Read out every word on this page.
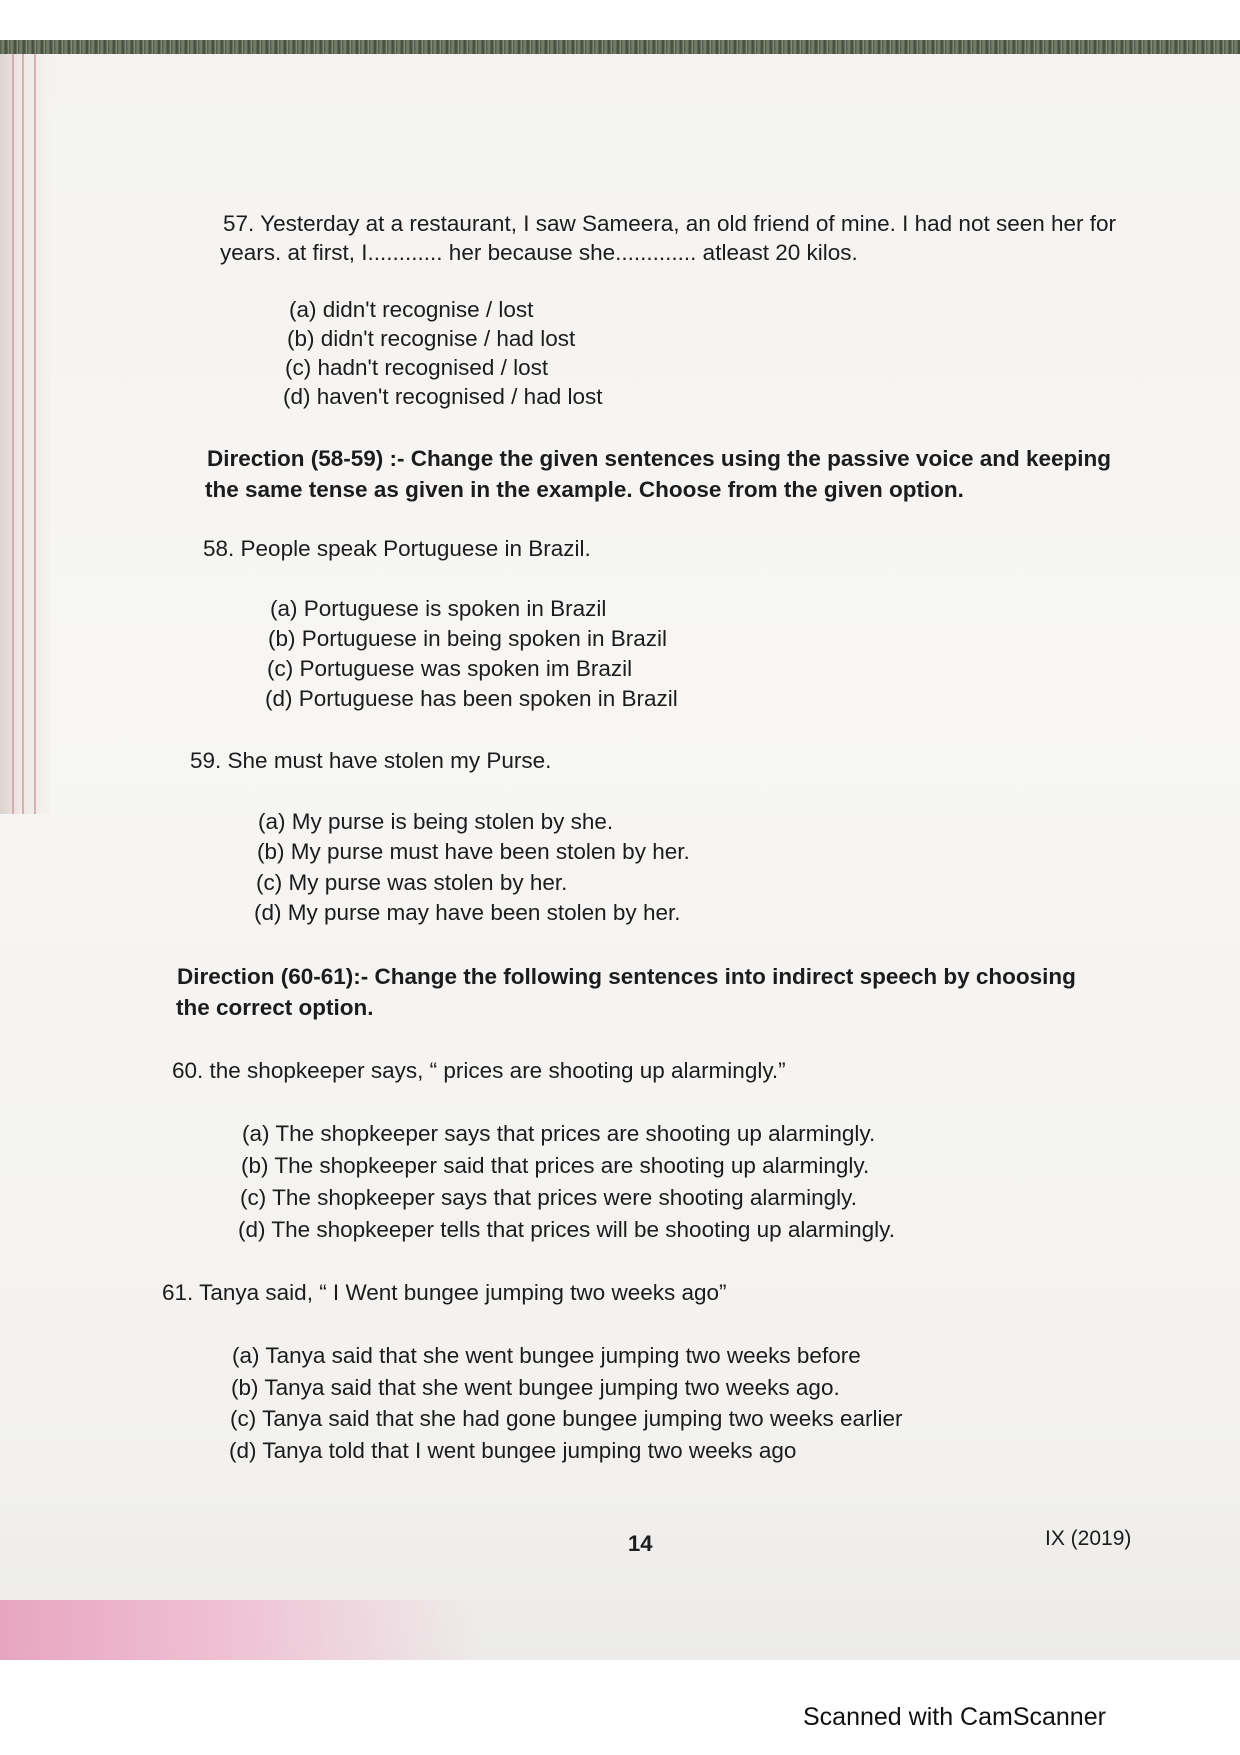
57. Yesterday at a restaurant, I saw Sameera, an old friend of mine. I had not seen her for
years. at first, I............ her because she............. atleast 20 kilos.
(a) didn't recognise / lost
(b) didn't recognise / had lost
(c) hadn't recognised / lost
(d) haven't recognised / had lost
Direction (58-59) :- Change the given sentences using the passive voice and keeping
the same tense as given in the example. Choose from the given option.
58. People speak Portuguese in Brazil.
(a) Portuguese is spoken in Brazil
(b) Portuguese in being spoken in Brazil
(c) Portuguese was spoken im Brazil
(d) Portuguese has been spoken in Brazil
59. She must have stolen my Purse.
(a) My purse is being stolen by she.
(b) My purse must have been stolen by her.
(c) My purse was stolen by her.
(d) My purse may have been stolen by her.
Direction (60-61):- Change the following sentences into indirect speech by choosing
the correct option.
60. the shopkeeper says, “ prices are shooting up alarmingly.”
(a) The shopkeeper says that prices are shooting up alarmingly.
(b) The shopkeeper said that prices are shooting up alarmingly.
(c) The shopkeeper says that prices were shooting alarmingly.
(d) The shopkeeper tells that prices will be shooting up alarmingly.
61. Tanya said, “ I Went bungee jumping two weeks ago”
(a) Tanya said that she went bungee jumping two weeks before
(b) Tanya said that she went bungee jumping two weeks ago.
(c) Tanya said that she had gone bungee jumping two weeks earlier
(d) Tanya told that I went bungee jumping two weeks ago
14	IX (2019)
Scanned with CamScanner
